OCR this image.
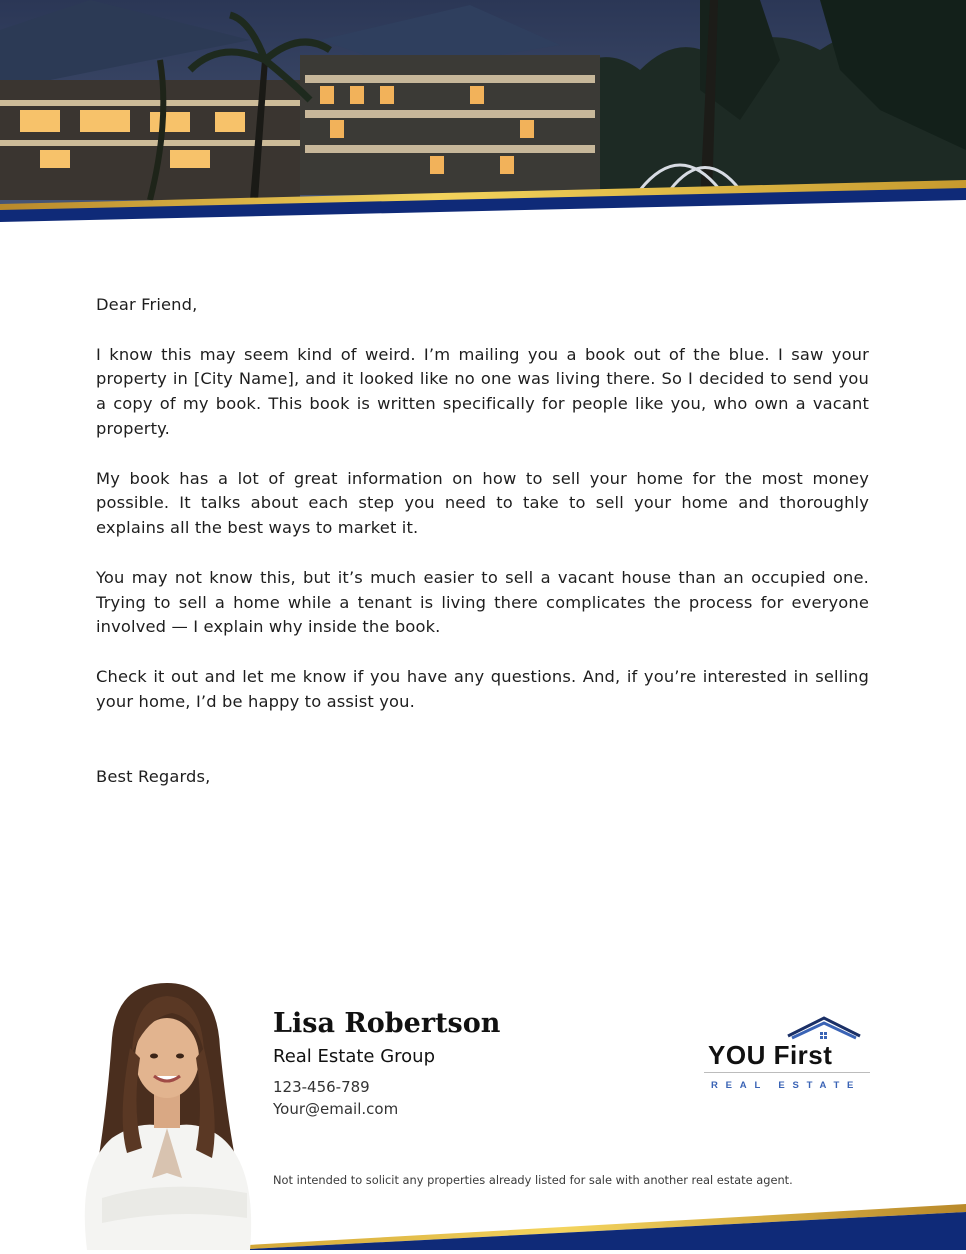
Dear Friend,

I know this may seem kind of weird. I’m mailing you a book out of the blue. I saw your property in [City Name], and it looked like no one was living there. So I decided to send you a copy of my book. This book is written specifically for people like you, who own a vacant property.

My book has a lot of great information on how to sell your home for the most money possible. It talks about each step you need to take to sell your home and thoroughly explains all the best ways to market it.

You may not know this, but it’s much easier to sell a vacant house than an occupied one. Trying to sell a home while a tenant is living there complicates the process for everyone involved — I explain why inside the book.

Check it out and let me know if you have any questions. And, if you’re interested in selling your home, I’d be happy to assist you.

Best Regards,
Lisa Robertson
Real Estate Group
123-456-789
Your@email.com
YOU First
REAL ESTATE
Not intended to solicit any properties already listed for sale with another real estate agent.
